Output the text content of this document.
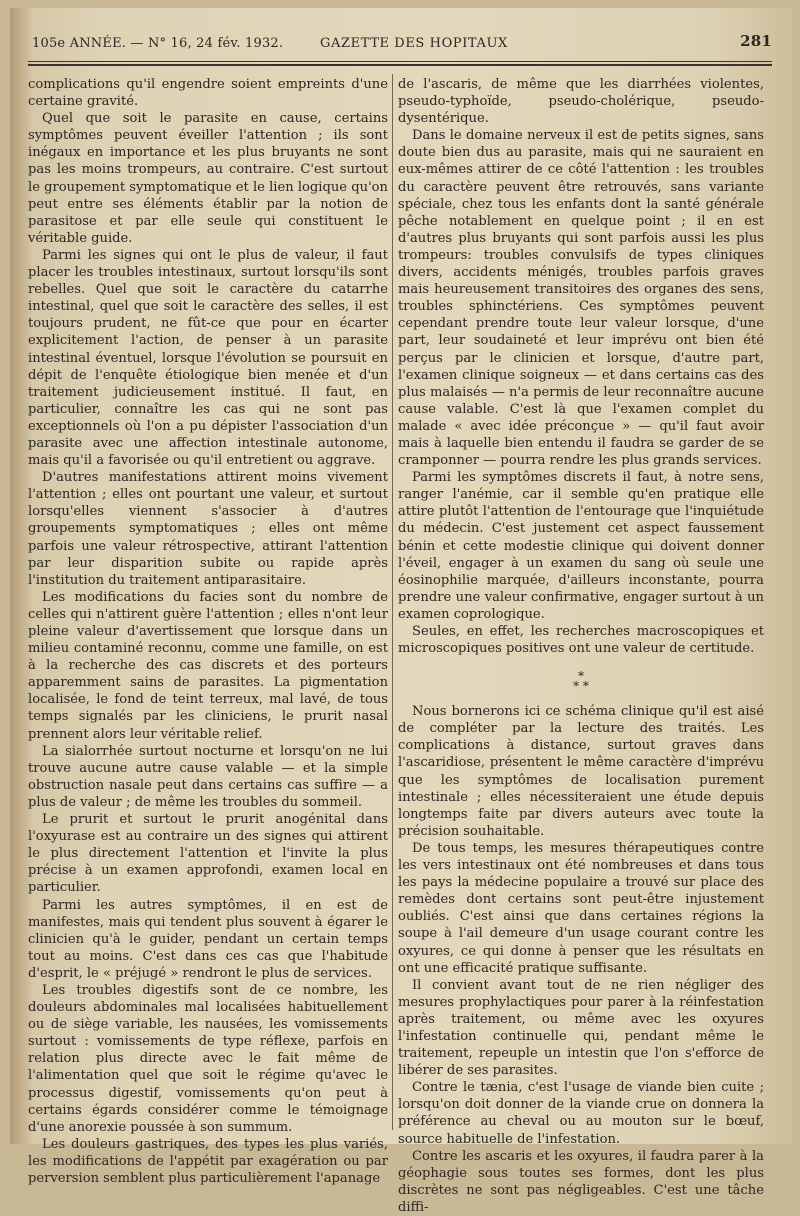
105e ANNÉE. — N° 16, 24 fév. 1932.	GAZETTE DES HOPITAUX	281

complications qu'il engendre soient empreints d'une certaine gravité.

Quel que soit le parasite en cause, certains symptômes peuvent éveiller l'attention ; ils sont inégaux en importance et les plus bruyants ne sont pas les moins trompeurs, au contraire. C'est surtout le groupement symptomatique et le lien logique qu'on peut entre ses éléments établir par la notion de parasitose et par elle seule qui constituent le véritable guide.

Parmi les signes qui ont le plus de valeur, il faut placer les troubles intestinaux, surtout lorsqu'ils sont rebelles. Quel que soit le caractère du catarrhe intestinal, quel que soit le caractère des selles, il est toujours prudent, ne fût-ce que pour en écarter explicitement l'action, de penser à un parasite intestinal éventuel, lorsque l'évolution se poursuit en dépit de l'enquête étiologique bien menée et d'un traitement judicieusement institué. Il faut, en particulier, connaître les cas qui ne sont pas exceptionnels où l'on a pu dépister l'association d'un parasite avec une affection intestinale autonome, mais qu'il a favorisée ou qu'il entretient ou aggrave.

D'autres manifestations attirent moins vivement l'attention ; elles ont pourtant une valeur, et surtout lorsqu'elles viennent s'associer à d'autres groupements symptomatiques ; elles ont même parfois une valeur rétrospective, attirant l'attention par leur disparition subite ou rapide après l'institution du traitement antiparasitaire.

Les modifications du facies sont du nombre de celles qui n'attirent guère l'attention ; elles n'ont leur pleine valeur d'avertissement que lorsque dans un milieu contaminé reconnu, comme une famille, on est à la recherche des cas discrets et des porteurs apparemment sains de parasites. La pigmentation localisée, le fond de teint terreux, mal lavé, de tous temps signalés par les cliniciens, le prurit nasal prennent alors leur véritable relief.

La sialorrhée surtout nocturne et lorsqu'on ne lui trouve aucune autre cause valable — et la simple obstruction nasale peut dans certains cas suffire — a plus de valeur ; de même les troubles du sommeil.

Le prurit et surtout le prurit anogénital dans l'oxyurase est au contraire un des signes qui attirent le plus directement l'attention et l'invite la plus précise à un examen approfondi, examen local en particulier.

Parmi les autres symptômes, il en est de manifestes, mais qui tendent plus souvent à égarer le clinicien qu'à le guider, pendant un certain temps tout au moins. C'est dans ces cas que l'habitude d'esprit, le « préjugé » rendront le plus de services.

Les troubles digestifs sont de ce nombre, les douleurs abdominales mal localisées habituellement ou de siège variable, les nausées, les vomissements surtout : vomissements de type réflexe, parfois en relation plus directe avec le fait même de l'alimentation quel que soit le régime qu'avec le processus digestif, vomissements qu'on peut à certains égards considérer comme le témoignage d'une anorexie poussée à son summum.

Les douleurs gastriques, des types les plus variés, les modifications de l'appétit par exagération ou par perversion semblent plus particulièrement l'apanage

de l'ascaris, de même que les diarrhées violentes, pseudo-typhoïde, pseudo-cholérique, pseudo-dysentérique.

Dans le domaine nerveux il est de petits signes, sans doute bien dus au parasite, mais qui ne sauraient en eux-mêmes attirer de ce côté l'attention : les troubles du caractère peuvent être retrouvés, sans variante spéciale, chez tous les enfants dont la santé générale pêche notablement en quelque point ; il en est d'autres plus bruyants qui sont parfois aussi les plus trompeurs: troubles convulsifs de types cliniques divers, accidents ménigés, troubles parfois graves mais heureusement transitoires des organes des sens, troubles sphinctériens. Ces symptômes peuvent cependant prendre toute leur valeur lorsque, d'une part, leur soudaineté et leur imprévu ont bien été perçus par le clinicien et lorsque, d'autre part, l'examen clinique soigneux — et dans certains cas des plus malaisés — n'a permis de leur reconnaître aucune cause valable. C'est là que l'examen complet du malade « avec idée préconçue » — qu'il faut avoir mais à laquelle bien entendu il faudra se garder de se cramponner — pourra rendre les plus grands services.

Parmi les symptômes discrets il faut, à notre sens, ranger l'anémie, car il semble qu'en pratique elle attire plutôt l'attention de l'entourage que l'inquiétude du médecin. C'est justement cet aspect faussement bénin et cette modestie clinique qui doivent donner l'éveil, engager à un examen du sang où seule une éosinophilie marquée, d'ailleurs inconstante, pourra prendre une valeur confirmative, engager surtout à un examen coprologique.

Seules, en effet, les recherches macroscopiques et microscopiques positives ont une valeur de certitude.

*
* *

Nous bornerons ici ce schéma clinique qu'il est aisé de compléter par la lecture des traités. Les complications à distance, surtout graves dans l'ascaridiose, présentent le même caractère d'imprévu que les symptômes de localisation purement intestinale ; elles nécessiteraient une étude depuis longtemps faite par divers auteurs avec toute la précision souhaitable.

De tous temps, les mesures thérapeutiques contre les vers intestinaux ont été nombreuses et dans tous les pays la médecine populaire a trouvé sur place des remèdes dont certains sont peut-être injustement oubliés. C'est ainsi que dans certaines régions la soupe à l'ail demeure d'un usage courant contre les oxyures, ce qui donne à penser que les résultats en ont une efficacité pratique suffisante.

Il convient avant tout de ne rien négliger des mesures prophylactiques pour parer à la réinfestation après traitement, ou même avec les oxyures l'infestation continuelle qui, pendant même le traitement, repeuple un intestin que l'on s'efforce de libérer de ses parasites.

Contre le tænia, c'est l'usage de viande bien cuite ; lorsqu'on doit donner de la viande crue on donnera la préférence au cheval ou au mouton sur le bœuf, source habituelle de l'infestation.

Contre les ascaris et les oxyures, il faudra parer à la géophagie sous toutes ses formes, dont les plus discrètes ne sont pas négligeables. C'est une tâche diffi-
